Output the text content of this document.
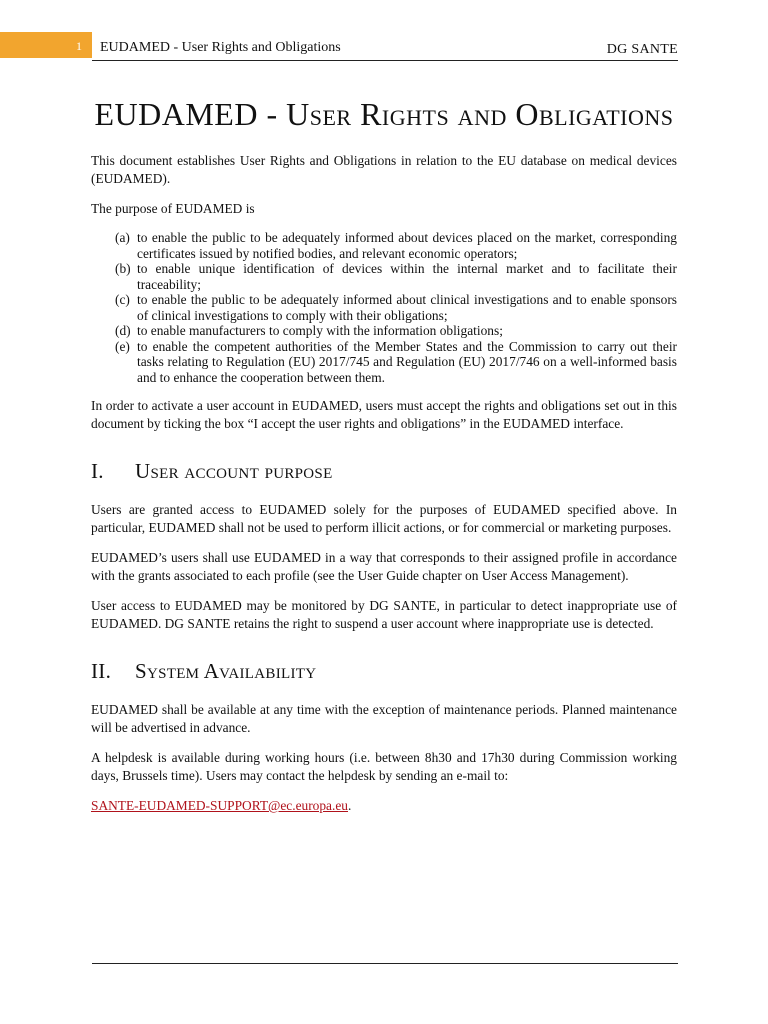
1 EUDAMED - User Rights and Obligations	DG SANTE
EUDAMED - User Rights and Obligations

This document establishes User Rights and Obligations in relation to the EU database on medical devices (EUDAMED).

The purpose of EUDAMED is

(a) to enable the public to be adequately informed about devices placed on the market, corresponding certificates issued by notified bodies, and relevant economic operators;
(b) to enable unique identification of devices within the internal market and to facilitate their traceability;
(c) to enable the public to be adequately informed about clinical investigations and to enable sponsors of clinical investigations to comply with their obligations;
(d) to enable manufacturers to comply with the information obligations;
(e) to enable the competent authorities of the Member States and the Commission to carry out their tasks relating to Regulation (EU) 2017/745 and Regulation (EU) 2017/746 on a well-informed basis and to enhance the cooperation between them.

In order to activate a user account in EUDAMED, users must accept the rights and obligations set out in this document by ticking the box “I accept the user rights and obligations” in the EUDAMED interface.

I. User account purpose

Users are granted access to EUDAMED solely for the purposes of EUDAMED specified above. In particular, EUDAMED shall not be used to perform illicit actions, or for commercial or marketing purposes.

EUDAMED’s users shall use EUDAMED in a way that corresponds to their assigned profile in accordance with the grants associated to each profile (see the User Guide chapter on User Access Management).

User access to EUDAMED may be monitored by DG SANTE, in particular to detect inappropriate use of EUDAMED. DG SANTE retains the right to suspend a user account where inappropriate use is detected.

II. System Availability

EUDAMED shall be available at any time with the exception of maintenance periods. Planned maintenance will be advertised in advance.

A helpdesk is available during working hours (i.e. between 8h30 and 17h30 during Commission working days, Brussels time). Users may contact the helpdesk by sending an e-mail to:

SANTE-EUDAMED-SUPPORT@ec.europa.eu.
